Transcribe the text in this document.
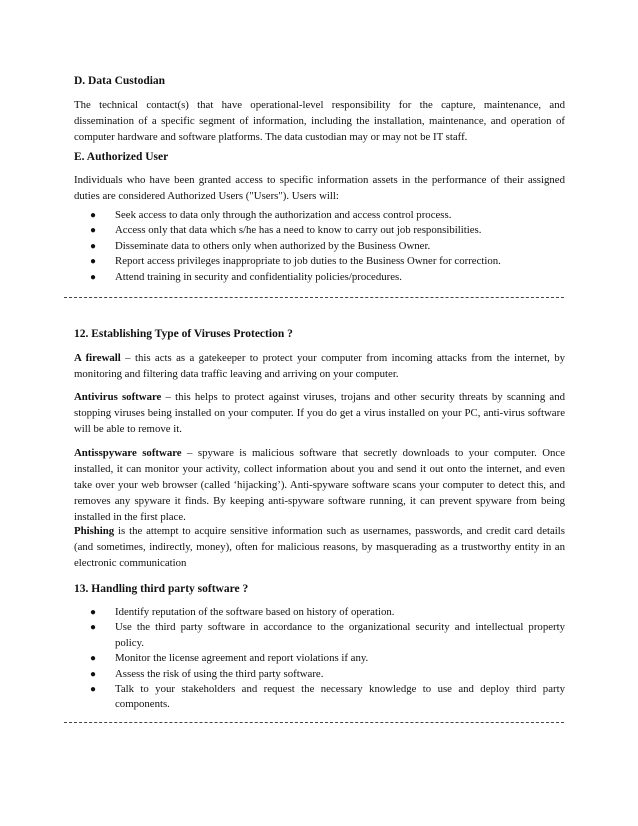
D. Data Custodian

The technical contact(s) that have operational-level responsibility for the capture, maintenance, and dissemination of a specific segment of information, including the installation, maintenance, and operation of computer hardware and software platforms. The data custodian may or may not be IT staff.

E. Authorized User

Individuals who have been granted access to specific information assets in the performance of their assigned duties are considered Authorized Users ("Users"). Users will:

● Seek access to data only through the authorization and access control process.
● Access only that data which s/he has a need to know to carry out job responsibilities.
● Disseminate data to others only when authorized by the Business Owner.
● Report access privileges inappropriate to job duties to the Business Owner for correction.
● Attend training in security and confidentiality policies/procedures.
12. Establishing Type of Viruses Protection ?

A firewall – this acts as a gatekeeper to protect your computer from incoming attacks from the internet, by monitoring and filtering data traffic leaving and arriving on your computer.

Antivirus software – this helps to protect against viruses, trojans and other security threats by scanning and stopping viruses being installed on your computer. If you do get a virus installed on your PC, anti-virus software will be able to remove it.

Antisspyware software – spyware is malicious software that secretly downloads to your computer. Once installed, it can monitor your activity, collect information about you and send it out onto the internet, and even take over your web browser (called ‘hijacking’). Anti-spyware software scans your computer to detect this, and removes any spyware it finds. By keeping anti-spyware software running, it can prevent spyware from being installed in the first place.

Phishing is the attempt to acquire sensitive information such as usernames, passwords, and credit card details (and sometimes, indirectly, money), often for malicious reasons, by masquerading as a trustworthy entity in an electronic communication

13. Handling third party software ?
● Identify reputation of the software based on history of operation.
● Use the third party software in accordance to the organizational security and intellectual property policy.
● Monitor the license agreement and report violations if any.
● Assess the risk of using the third party software.
● Talk to your stakeholders and request the necessary knowledge to use and deploy third party components.
